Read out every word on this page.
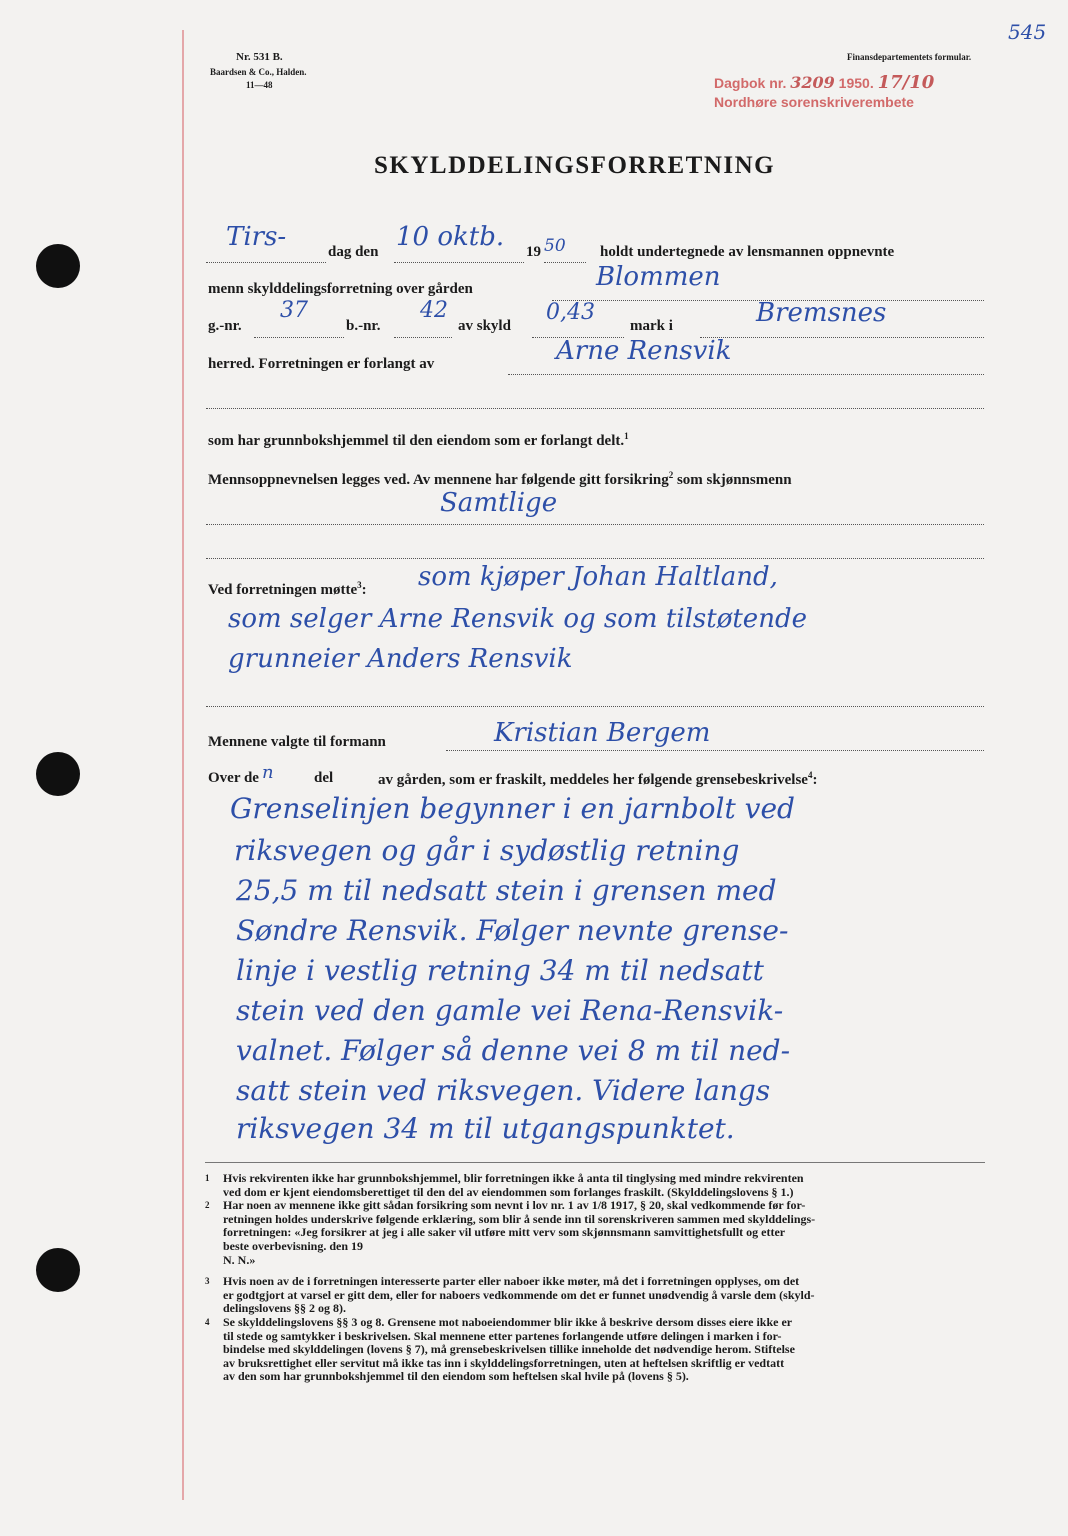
545
Nr. 531 B.
Baardsen & Co., Halden.
11—48
Finansdepartementets formular.
Dagbok nr. 3209 1950. 17/10
Nordhøre sorenskriverembete
SKYLDDELINGSFORRETNING
Tirs-	dag den 10 oktb. 19 50 holdt undertegnede av lensmannen oppnevnte
menn skylddelingsforretning over gården	Blommen
g.-nr.
37
b.-nr.
42
av skyld
0,43
mark i	Bremsnes
herred. Forretningen er forlangt av	Arne Rensvik
som har grunnbokshjemmel til den eiendom som er forlangt delt.$^1$
Mennsoppnevnelsen legges ved. Av mennene har følgende gitt forsikring$^2$ som skjønnsmenn
Samtlige
Ved forretningen møtte$^3$: som kjøper Johan Haltland,
som selger Arne Rensvik og som tilstøtende
grunneier Anders Rensvik
Mennene valgte til formann	Kristian Bergem
Over de n	del	av gården, som er fraskilt, meddeles her følgende grensebeskrivelse$^4$:
Grenselinjen begynner i en jarnbolt ved
riksvegen og går i sydøstlig retning
25,5 m til nedsatt stein i grensen med
Søndre Rensvik. Følger nevnte grense-
linje i vestlig retning 34 m til nedsatt
stein ved den gamle vei Rena-Rensvik-
valnet. Følger så denne vei 8 m til ned-
satt stein ved riksvegen. Videre langs
riksvegen 34 m til utgangspunktet.
1 Hvis rekvirenten ikke har grunnbokshjemmel, blir forretningen ikke å anta til tinglysing med mindre rekvirenten
ved dom er kjent eiendomsberettiget til den del av eiendommen som forlanges fraskilt. (Skylddelingslovens § 1.)
2 Har noen av mennene ikke gitt sådan forsikring som nevnt i lov nr. 1 av 1/8 1917, § 20, skal vedkommende før for-
retningen holdes underskrive følgende erklæring, som blir å sende inn til sorenskriveren sammen med skylddelings-
forretningen: «Jeg forsikrer at jeg i alle saker vil utføre mitt verv som skjønnsmann samvittighetsfullt og etter
beste overbevisning. den 19
N. N.»
3 Hvis noen av de i forretningen interesserte parter eller naboer ikke møter, må det i forretningen opplyses, om det
er godtgjort at varsel er gitt dem, eller for naboers vedkommende om det er funnet unødvendig å varsle dem (skyld-
delingslovens §§ 2 og 8).
4 Se skylddelingslovens §§ 3 og 8. Grensene mot naboeiendommer blir ikke å beskrive dersom disses eiere ikke er
til stede og samtykker i beskrivelsen. Skal mennene etter partenes forlangende utføre delingen i marken i for-
bindelse med skylddelingen (lovens § 7), må grensebeskrivelsen tillike inneholde det nødvendige herom. Stiftelse
av bruksrettighet eller servitut må ikke tas inn i skylddelingsforretningen, uten at heftelsen skriftlig er vedtatt
av den som har grunnbokshjemmel til den eiendom som heftelsen skal hvile på (lovens § 5).
